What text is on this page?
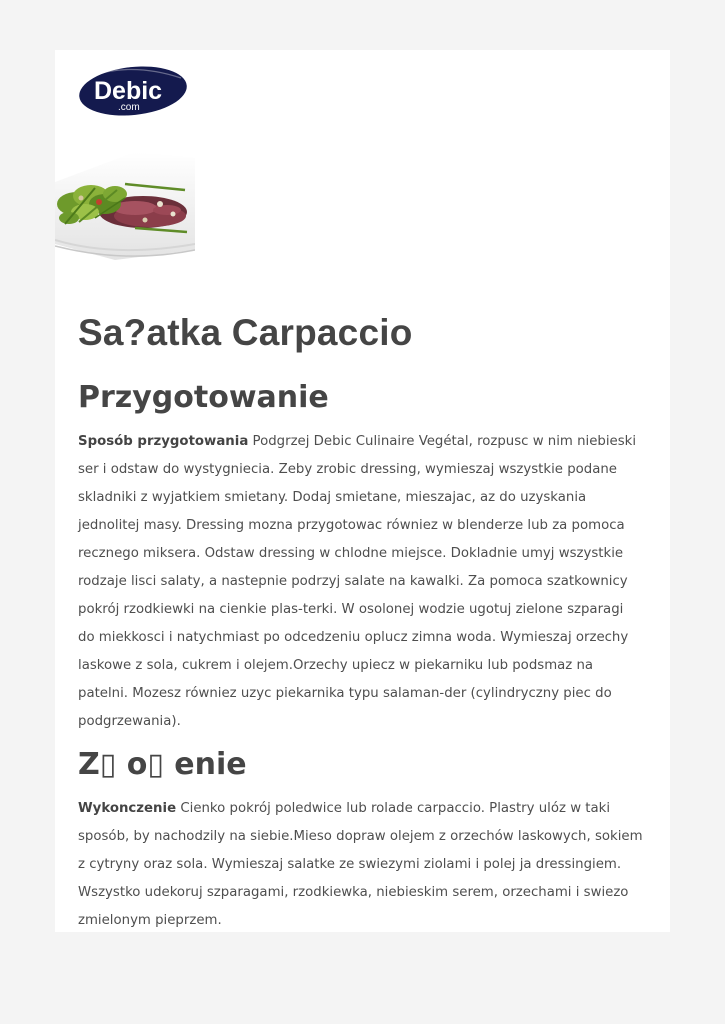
Debic
.com
Sa?atka Carpaccio
Przygotowanie

Sposób przygotowania Podgrzej Debic Culinaire Vegétal, rozpusc w nim niebieski ser i odstaw do wystygniecia. Zeby zrobic dressing, wymieszaj wszystkie podane skladniki z wyjatkiem smietany. Dodaj smietane, mieszajac, az do uzyskania jednolitej masy. Dressing mozna przygotowac równiez w blenderze lub za pomoca recznego miksera. Odstaw dressing w chlodne miejsce. Dokladnie umyj wszystkie rodzaje lisci salaty, a nastepnie podrzyj salate na kawalki. Za pomoca szatkownicy pokrój rzodkiewki na cienkie plas-terki. W osolonej wodzie ugotuj zielone szparagi do miekkosci i natychmiast po odcedzeniu oplucz zimna woda. Wymieszaj orzechy laskowe z sola, cukrem i olejem.Orzechy upiecz w piekarniku lub podsmaz na patelni. Mozesz równiez uzyc piekarnika typu salaman-der (cylindryczny piec do podgrzewania).

Z▯ o▯ enie

Wykonczenie Cienko pokrój poledwice lub rolade carpaccio. Plastry ulóz w taki sposób, by nachodzily na siebie.Mieso dopraw olejem z orzechów laskowych, sokiem z cytryny oraz sola. Wymieszaj salatke ze swiezymi ziolami i polej ja dressingiem. Wszystko udekoruj szparagami, rzodkiewka, niebieskim serem, orzechami i swiezo zmielonym pieprzem.
